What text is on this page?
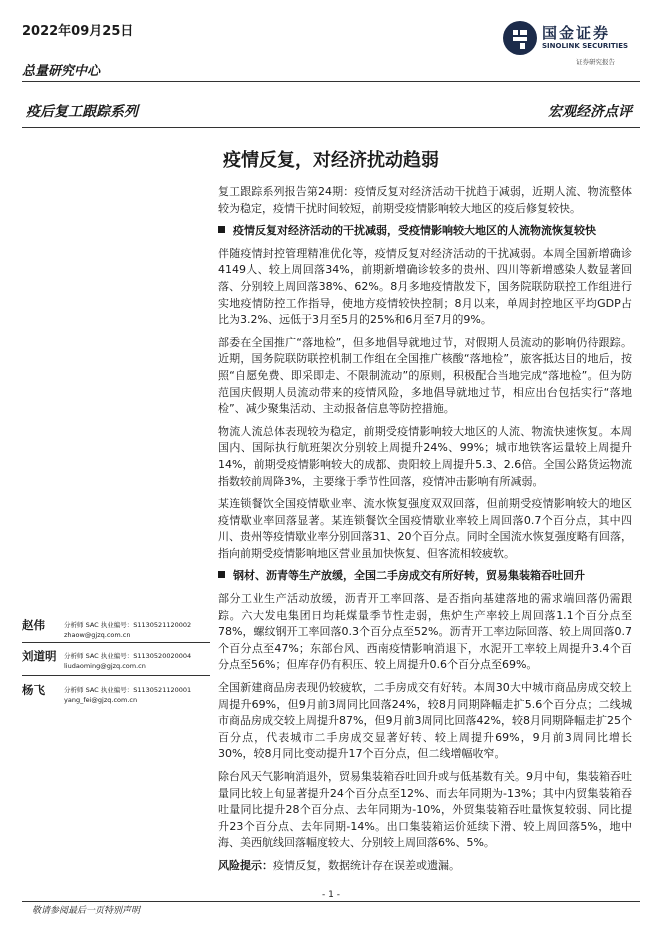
2022年09月25日
总量研究中心
国金证券
SINOLINK SECURITIES
证券研究报告
疫后复工跟踪系列	宏观经济点评
疫情反复，对经济扰动趋弱

复工跟踪系列报告第24期：疫情反复对经济活动干扰趋于减弱，近期人流、物流整体较为稳定，疫情干扰时间较短，前期受疫情影响较大地区的疫后修复较快。

疫情反复对经济活动的干扰减弱，受疫情影响较大地区的人流物流恢复较快

伴随疫情封控管理精准优化等，疫情反复对经济活动的干扰减弱。本周全国新增确诊4149人、较上周回落34%，前期新增确诊较多的贵州、四川等新增感染人数显著回落、分别较上周回落38%、62%。8月多地疫情散发下，国务院联防联控工作组进行实地疫情防控工作指导，使地方疫情较快控制；8月以来，单周封控地区平均GDP占比为3.2%、远低于3月至5月的25%和6月至7月的9%。

部委在全国推广“落地检”，但多地倡导就地过节，对假期人员流动的影响仍待跟踪。近期，国务院联防联控机制工作组在全国推广核酸“落地检”，旅客抵达目的地后，按照“自愿免费、即采即走、不限制流动”的原则，积极配合当地完成“落地检”。但为防范国庆假期人员流动带来的疫情风险，多地倡导就地过节，相应出台包括实行“落地检”、减少聚集活动、主动报备信息等防控措施。

物流人流总体表现较为稳定，前期受疫情影响较大地区的人流、物流快速恢复。本周国内、国际执行航班架次分别较上周提升24%、99%；城市地铁客运量较上周提升14%，前期受疫情影响较大的成都、贵阳较上周提升5.3、2.6倍。全国公路货运物流指数较前周降3%，主要缘于季节性回落，疫情冲击影响有所减弱。

某连锁餐饮全国疫情歇业率、流水恢复强度双双回落，但前期受疫情影响较大的地区疫情歇业率回落显著。某连锁餐饮全国疫情歇业率较上周回落0.7个百分点，其中四川、贵州等疫情歇业率分别回落31、20个百分点。同时全国流水恢复强度略有回落，指向前期受疫情影响地区营业虽加快恢复、但客流相较疲软。

钢材、沥青等生产放缓，全国二手房成交有所好转，贸易集装箱吞吐回升

部分工业生产活动放缓，沥青开工率回落、是否指向基建落地的需求端回落仍需跟踪。六大发电集团日均耗煤量季节性走弱，焦炉生产率较上周回落1.1个百分点至78%，螺纹钢开工率回落0.3个百分点至52%。沥青开工率边际回落、较上周回落0.7个百分点至47%；东部台风、西南疫情影响消退下，水泥开工率较上周提升3.4个百分点至56%；但库存仍有积压、较上周提升0.6个百分点至69%。

全国新建商品房表现仍较疲软，二手房成交有好转。本周30大中城市商品房成交较上周提升69%，但9月前3周同比回落24%，较8月同期降幅走扩5.6个百分点；二线城市商品房成交较上周提升87%，但9月前3周同比回落42%，较8月同期降幅走扩25个百分点，代表城市二手房成交显著好转、较上周提升69%，9月前3周同比增长30%，较8月同比变动提升17个百分点，但二线增幅收窄。

除台风天气影响消退外，贸易集装箱吞吐回升或与低基数有关。9月中旬，集装箱吞吐量同比较上旬显著提升24个百分点至12%、而去年同期为-13%；其中内贸集装箱吞吐量同比提升28个百分点、去年同期为-10%，外贸集装箱吞吐量恢复较弱、同比提升23个百分点、去年同期-14%。出口集装箱运价延续下滑、较上周回落5%，地中海、美西航线回落幅度较大、分别较上周回落6%、5%。

风险提示：疫情反复，数据统计存在误差或遗漏。

赵伟	分析师 SAC 执业编号：S1130521120002
zhaow@gjzq.com.cn
刘道明	分析师 SAC 执业编号：S1130520020004
liudaoming@gjzq.com.cn
杨飞	分析师 SAC 执业编号：S1130521120001
yang_fei@gjzq.com.cn
- 1 -
敬请参阅最后一页特别声明
